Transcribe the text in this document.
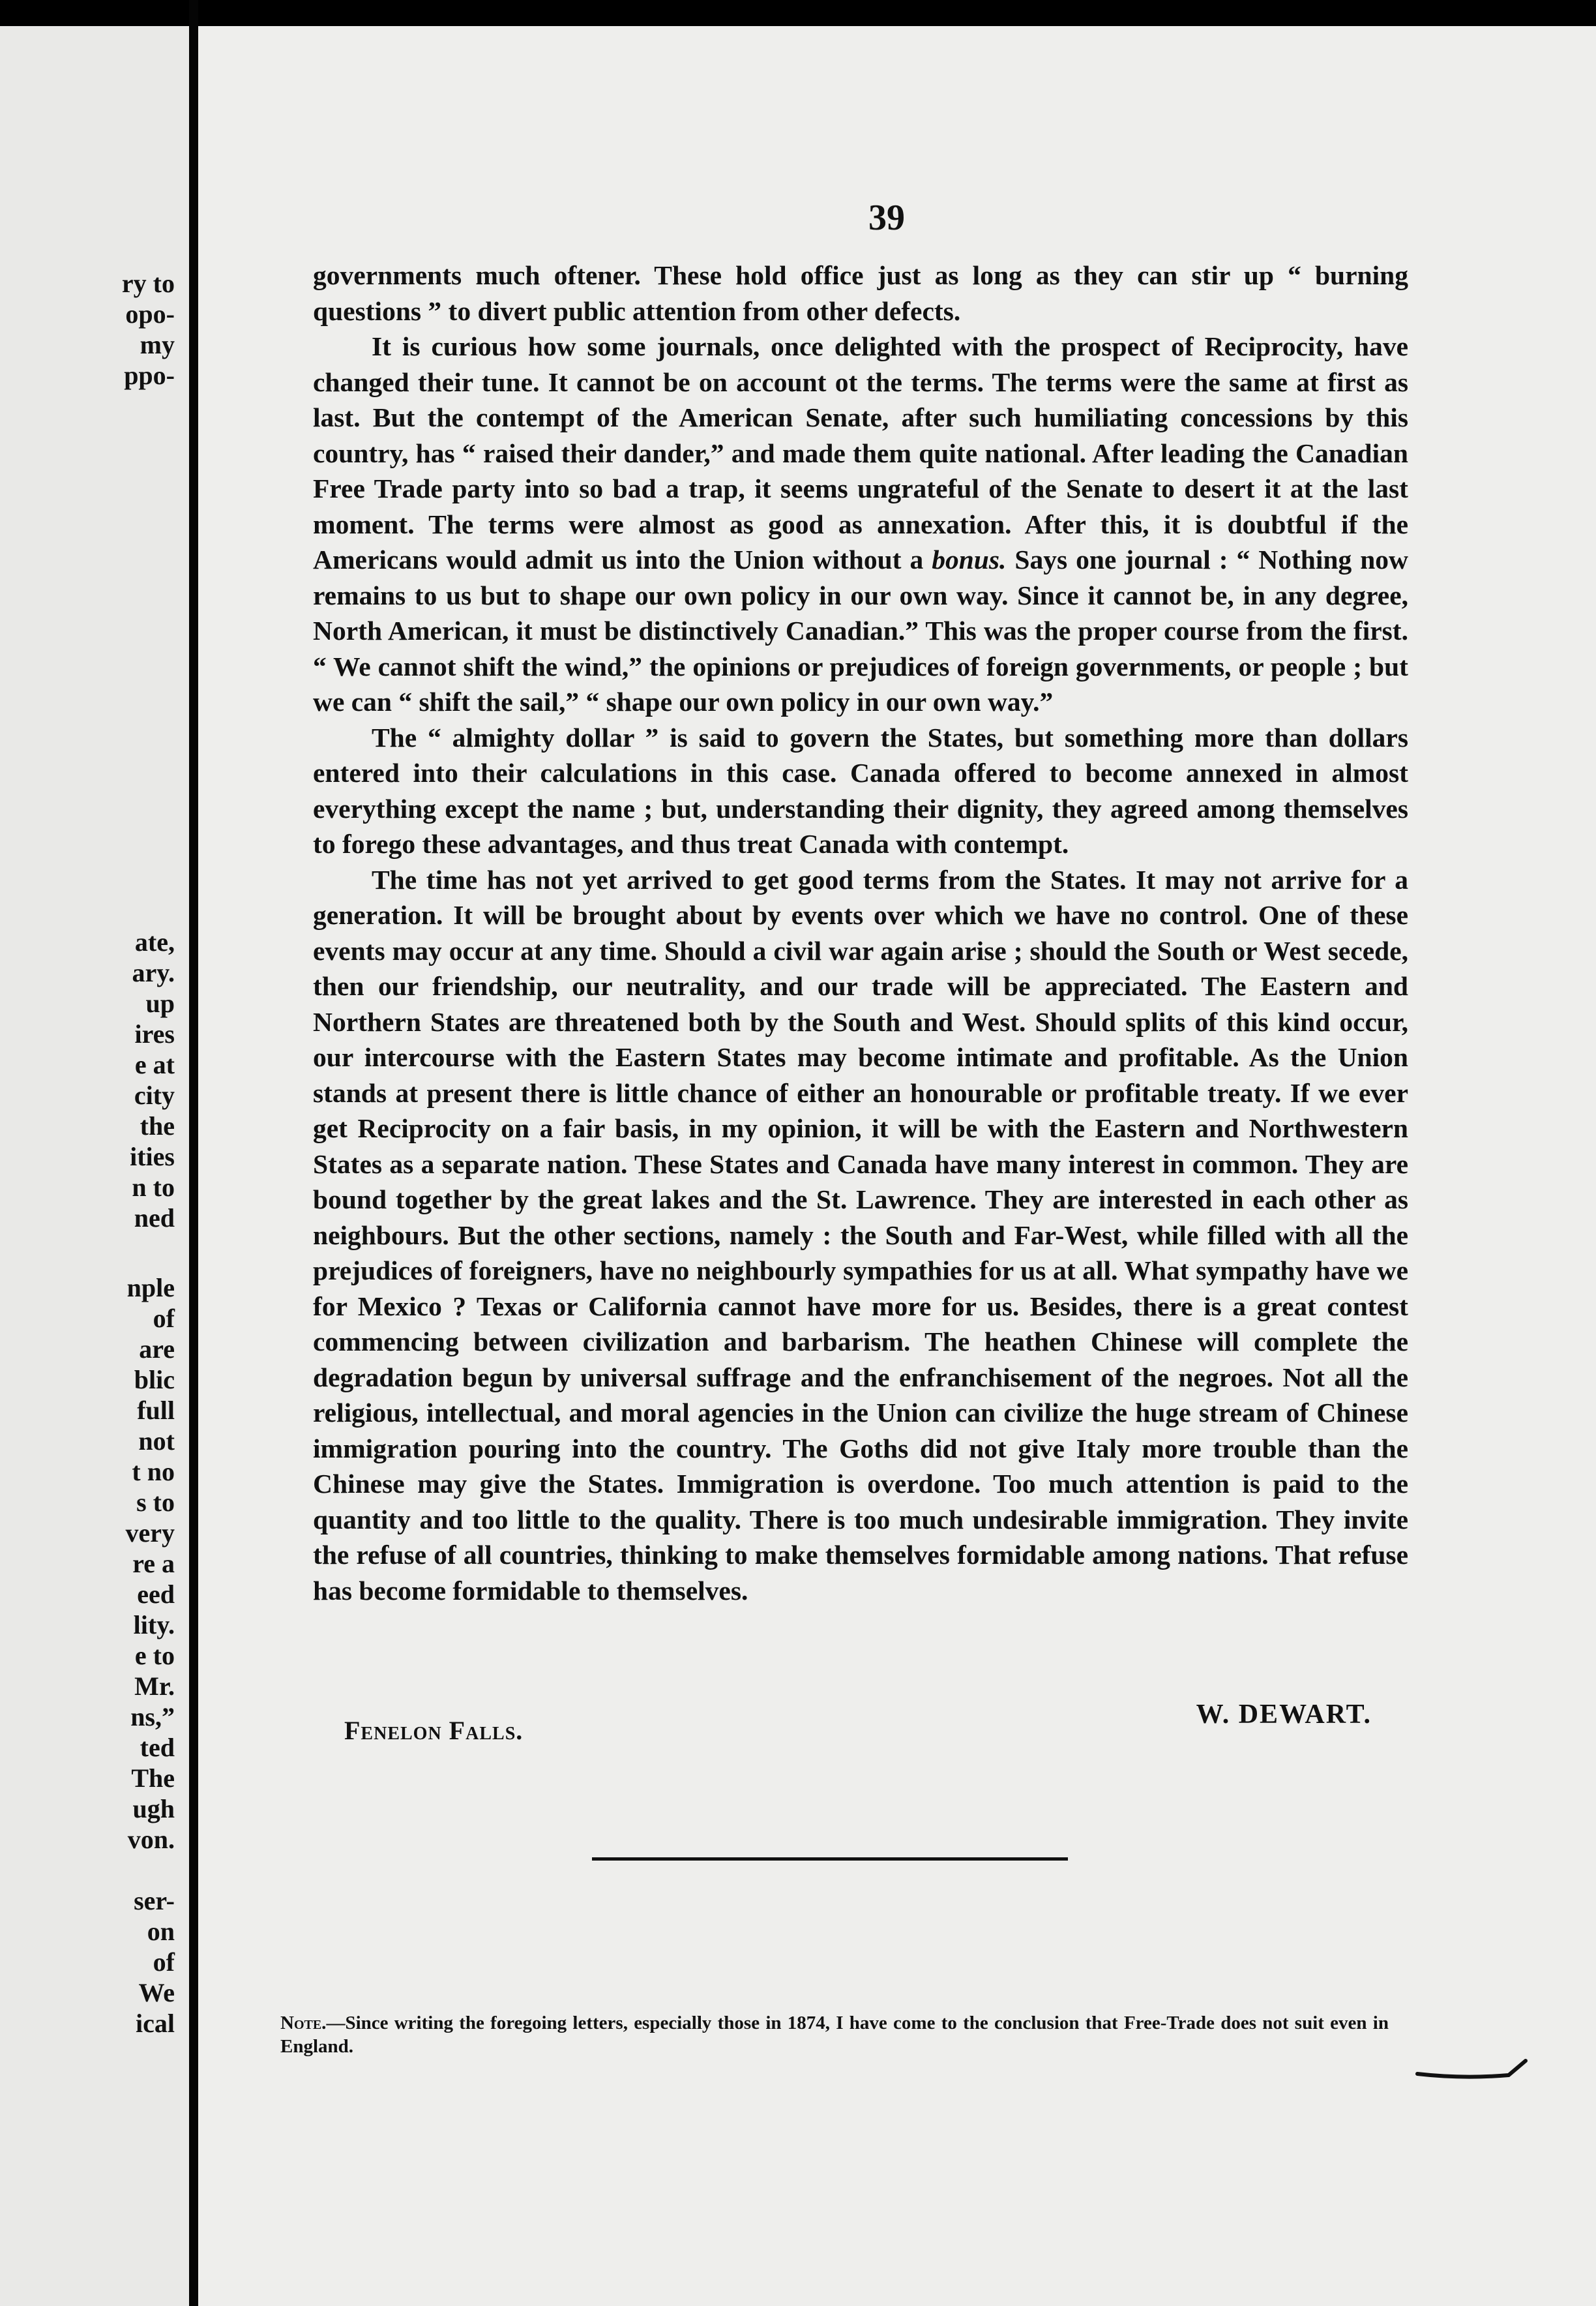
ry to
opo-
my
ppo-
ate,
ary.
up
ires
e at
city
the
ities
n to
ned
nple
of
are
blic
full
not
t no
s to
very
re a
eed
lity.
e to
Mr.
ns,”
ted
The
ugh
von.
ser-
on
of
We
ical
39

governments much oftener. These hold office just as long as they can stir up “ burning questions ” to divert public attention from other defects.

It is curious how some journals, once delighted with the prospect of Reciprocity, have changed their tune. It cannot be on account ot the terms. The terms were the same at first as last. But the contempt of the American Senate, after such humiliating concessions by this country, has “ raised their dander,” and made them quite national. After leading the Canadian Free Trade party into so bad a trap, it seems ungrateful of the Senate to desert it at the last moment. The terms were almost as good as annexation. After this, it is doubtful if the Americans would admit us into the Union without a bonus. Says one journal : “ Nothing now remains to us but to shape our own policy in our own way. Since it cannot be, in any degree, North American, it must be distinctively Canadian.” This was the proper course from the first. “ We cannot shift the wind,” the opinions or prejudices of foreign governments, or people ; but we can “ shift the sail,” “ shape our own policy in our own way.”

The “ almighty dollar ” is said to govern the States, but something more than dollars entered into their calculations in this case. Canada offered to become annexed in almost everything except the name ; but, understanding their dignity, they agreed among themselves to forego these advantages, and thus treat Canada with contempt.

The time has not yet arrived to get good terms from the States. It may not arrive for a generation. It will be brought about by events over which we have no control. One of these events may occur at any time. Should a civil war again arise ; should the South or West secede, then our friendship, our neutrality, and our trade will be appreciated. The Eastern and Northern States are threatened both by the South and West. Should splits of this kind occur, our intercourse with the Eastern States may become intimate and profitable. As the Union stands at present there is little chance of either an honourable or profitable treaty. If we ever get Reciprocity on a fair basis, in my opinion, it will be with the Eastern and Northwestern States as a separate nation. These States and Canada have many interest in common. They are bound together by the great lakes and the St. Lawrence. They are interested in each other as neighbours. But the other sections, namely : the South and Far-West, while filled with all the prejudices of foreigners, have no neighbourly sympathies for us at all. What sympathy have we for Mexico ? Texas or California cannot have more for us. Besides, there is a great contest commencing between civilization and barbarism. The heathen Chinese will complete the degradation begun by universal suffrage and the enfranchisement of the negroes. Not all the religious, intellectual, and moral agencies in the Union can civilize the huge stream of Chinese immigration pouring into the country. The Goths did not give Italy more trouble than the Chinese may give the States. Immigration is overdone. Too much attention is paid to the quantity and too little to the quality. There is too much undesirable immigration. They invite the refuse of all countries, thinking to make themselves formidable among nations. That refuse has become formidable to themselves.

Fenelon Falls.
W. DEWART.
Note.—Since writing the foregoing letters, especially those in 1874, I have come to the conclusion that Free-Trade does not suit even in England.
